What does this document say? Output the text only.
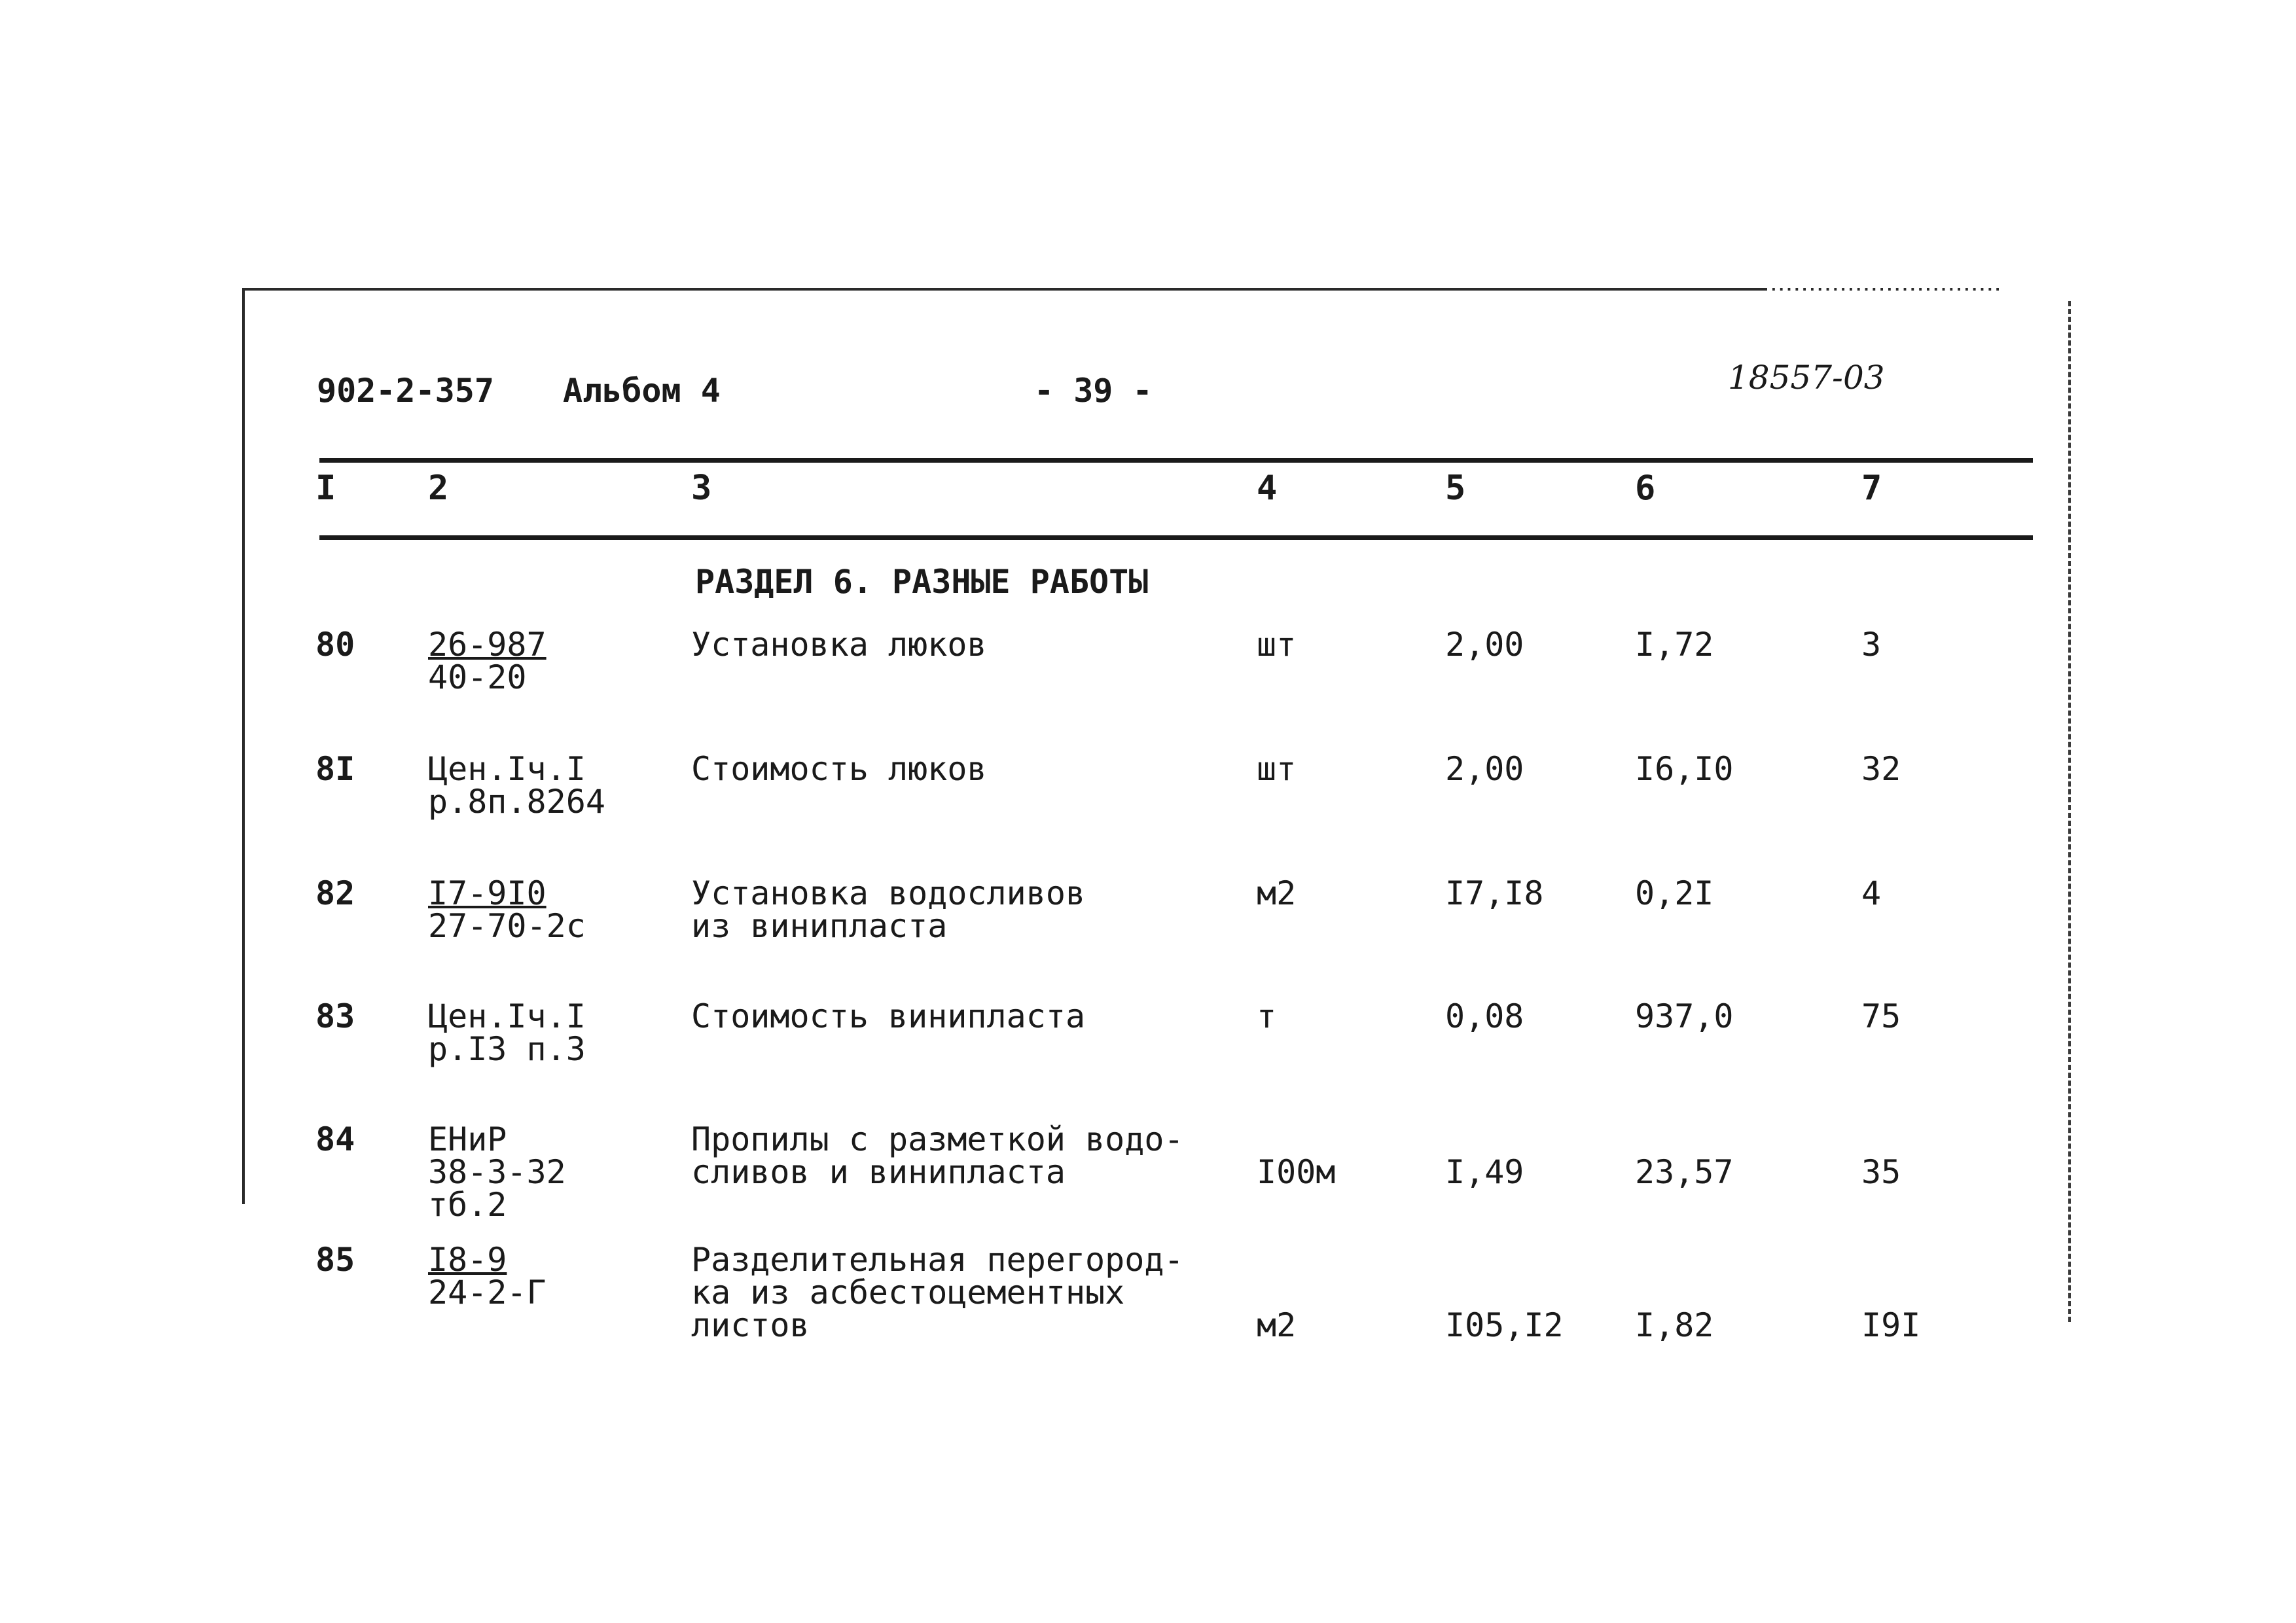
902-2-357 Альбом 4	- 39 -	18557-03
I	2	3	4	5	6	7
РАЗДЕЛ 6. РАЗНЫЕ РАБОТЫ
80 26-987
40-20
Установка люков	шт	2,00	I,72	3
8I Цен.Iч.I
р.8п.8264
Стоимость люков	шт	2,00	I6,I0	32
82 I7-9I0
27-70-2с
Установка водосливов
из винипласта
м2	I7,I8	0,2I	4
83 Цен.Iч.I
р.I3 п.3
Стоимость винипласта	т	0,08	937,0	75
84 ЕНиР
38-3-32
тб.2
Пропилы с разметкой водо-
сливов и винипласта	I00м	I,49	23,57	35
85 I8-9
24-2-Г
Разделительная перегород-
ка из асбестоцементных
листов	м2	I05,I2 I,82	I9I
